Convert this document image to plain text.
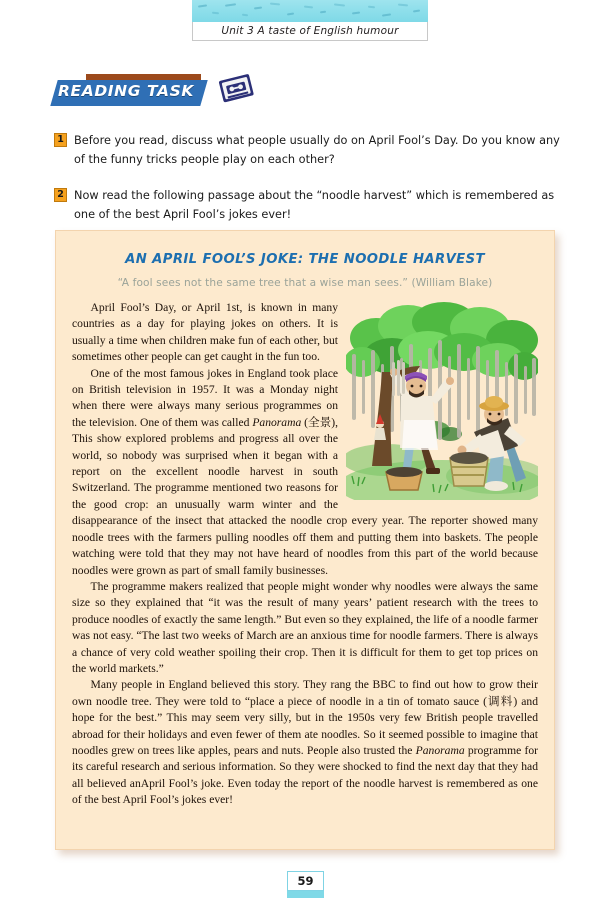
Unit 3 A taste of English humour
READING TASK
1 Before you read, discuss what people usually do on April Fool’s Day. Do you know any of the funny tricks people play on each other?
2 Now read the following passage about the “noodle harvest” which is remembered as one of the best April Fool’s jokes ever!
AN APRIL FOOL’S JOKE: THE NOODLE HARVEST
“A fool sees not the same tree that a wise man sees.” (William Blake)

April Fool’s Day, or April 1st, is known in many countries as a day for playing jokes on others. It is usually a time when children make fun of each other, but sometimes other people can get caught in the fun too.

One of the most famous jokes in England took place on British television in 1957. It was a Monday night when there were always many serious programmes on the television. One of them was called Panorama (全景), This show explored problems and progress all over the world, so nobody was surprised when it began with a report on the excellent noodle harvest in south Switzerland. The programme mentioned two reasons for the good crop: an unusually warm winter and the disappearance of the insect that attacked the noodle crop every year. The reporter showed many noodle trees with the farmers pulling noodles off them and putting them into baskets. The people watching were told that they may not have heard of noodles from this part of the world because noodles were grown as part of small family businesses.

The programme makers realized that people might wonder why noodles were always the same size so they explained that “it was the result of many years’ patient research with the trees to produce noodles of exactly the same length.” But even so they explained, the life of a noodle farmer was not easy. “The last two weeks of March are an anxious time for noodle farmers. There is always a chance of very cold weather spoiling their crop. Then it is difficult for them to get top prices on the world markets.”

Many people in England believed this story. They rang the BBC to find out how to grow their own noodle tree. They were told to “place a piece of noodle in a tin of tomato sauce (调料) and hope for the best.” This may seem very silly, but in the 1950s very few British people travelled abroad for their holidays and even fewer of them ate noodles. So it seemed possible to imagine that noodles grew on trees like apples, pears and nuts. People also trusted the Panorama programme for its careful research and serious information. So they were shocked to find the next day that they had all believed anApril Fool’s joke. Even today the report of the noodle harvest is remembered as one of the best April Fool’s jokes ever!

59
